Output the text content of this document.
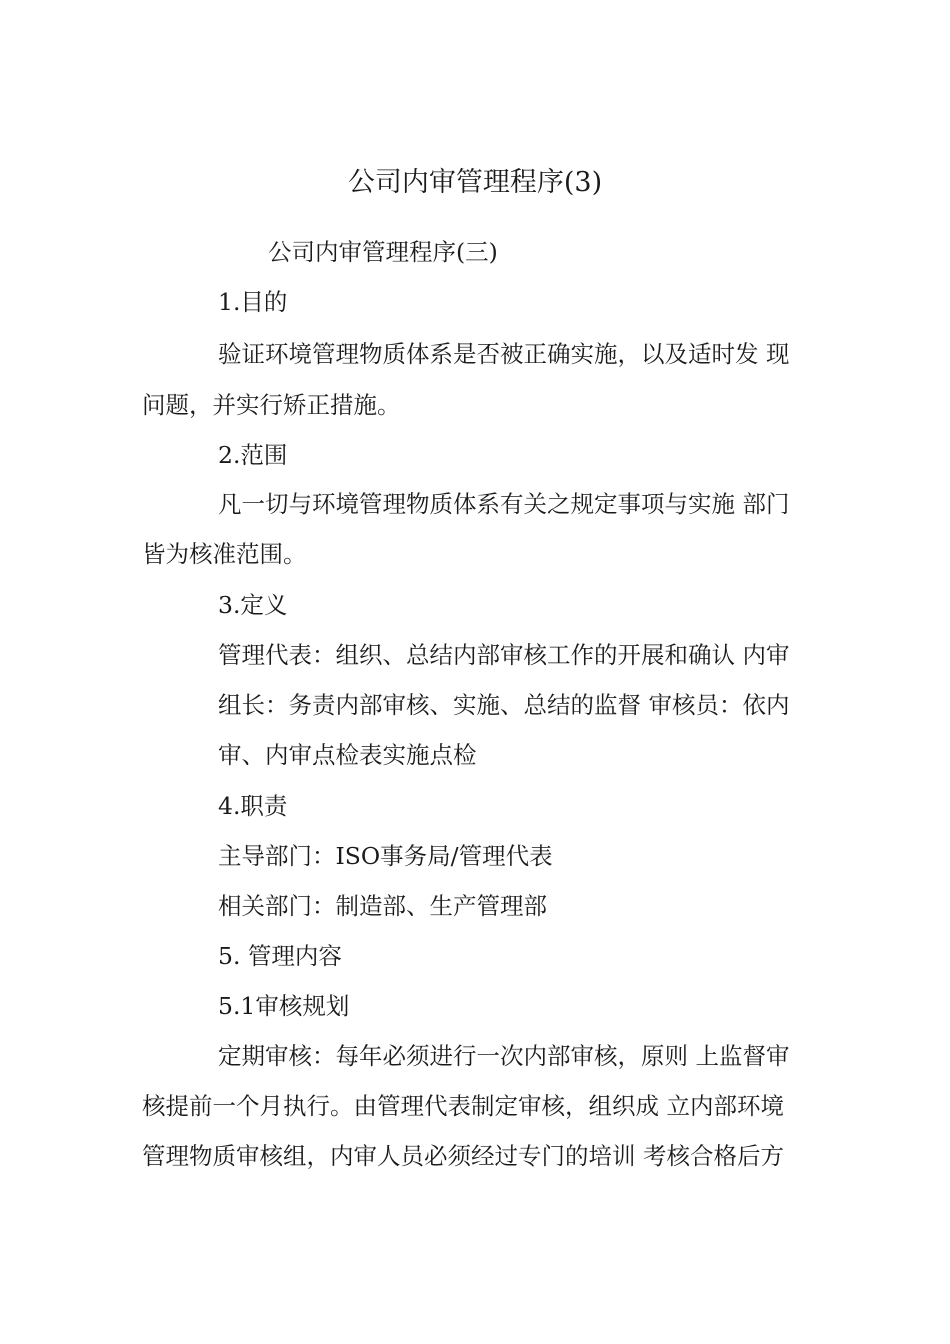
公司内审管理程序(3)
公司内审管理程序(三)
1.目的
验证环境管理物质体系是否被正确实施，以及适时发 现
问题，并实行矫正措施。
2.范围
凡一切与环境管理物质体系有关之规定事项与实施 部门
皆为核准范围。
3.定义
管理代表：组织、总结内部审核工作的开展和确认 内审
组长：务责内部审核、实施、总结的监督 审核员：依内
审、内审点检表实施点检
4.职责
主导部门：ISO事务局/管理代表
相关部门：制造部、生产管理部
5. 管理内容
5.1审核规划
定期审核：每年必须进行一次内部审核，原则 上监督审
核提前一个月执行。由管理代表制定审核，组织成 立内部环境
管理物质审核组，内审人员必须经过专门的培训 考核合格后方
